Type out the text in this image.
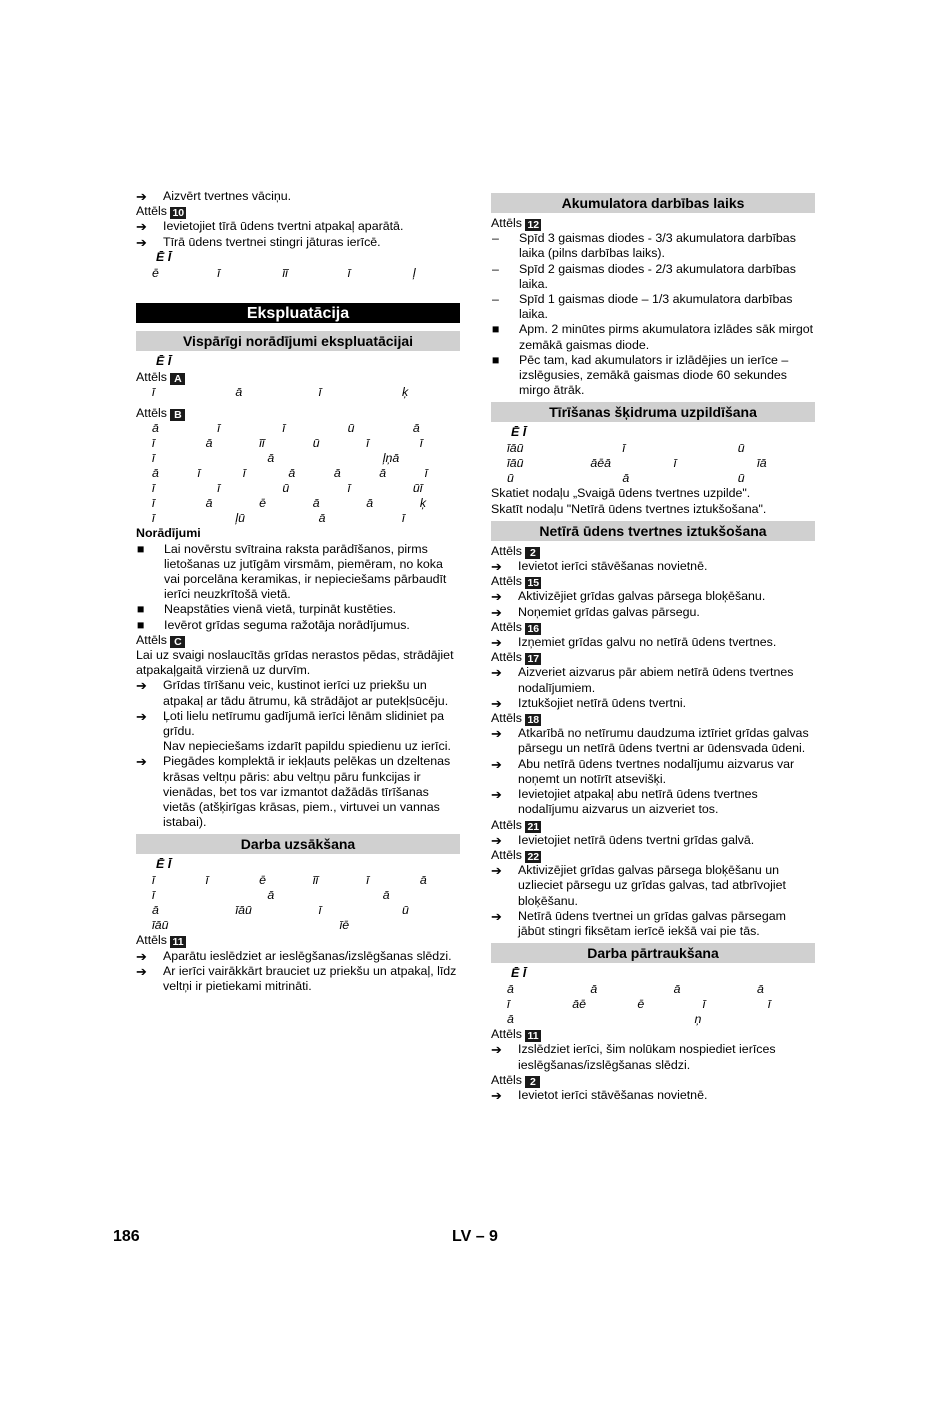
➔	Aizvērt tvertnes vāciņu.
Attēls 10
➔	Ievietojiet tīrā ūdens tvertni atpakaļ aparātā.
➔	Tīrā ūdens tvertnei stingri jāturas ierīcē.
Ē Ī
ē	ī	īī	ī	ļ
Ekspluatācija
Vispārīgi norādījumi ekspluatācijai
Ē Ī
Attēls A
ī	ā	ī	ķ
Attēls B
ā	ī	ī	ū	ā
ī	ā	īī	ū	ī	ī
ī	ā	ļņā
ā	ī	ī	ā	ā	ā	ī
ī	ī	ū	ī	ūī
ī	ā	ē	ā	ā	ķ
ī	ļū	ā	ī
Norādījumi
■	Lai novērstu svītraina raksta parādīšanos, pirms lietošanas uz jutīgām virsmām, piemēram, no koka vai porcelāna keramikas, ir nepieciešams pārbaudīt ierīci neuzkrītošā vietā.
■	Neapstāties vienā vietā, turpināt kustēties.
■	Ievērot grīdas seguma ražotāja norādījumus.
Attēls C
Lai uz svaigi noslaucītās grīdas nerastos pēdas, strādājiet atpakaļgaitā virzienā uz durvīm.
➔	Grīdas tīrīšanu veic, kustinot ierīci uz priekšu un atpakaļ ar tādu ātrumu, kā strādājot ar putekļsūcēju.
➔	Ļoti lielu netīrumu gadījumā ierīci lēnām slidiniet pa grīdu.
Nav nepieciešams izdarīt papildu spiedienu uz ierīci.
➔	Piegādes komplektā ir iekļauts pelēkas un dzeltenas krāsas veltņu pāris: abu veltņu pāru funkcijas ir vienādas, bet tos var izmantot dažādās tīrīšanas vietās (atšķirīgas krāsas, piem., virtuvei un vannas istabai).
Darba uzsākšana
Ē Ī
ī	ī	ē	īī	ī	ā
ī	ā	ā
ā	īāū	ī	ū
īāū	īē
Attēls 11
➔	Aparātu ieslēdziet ar ieslēgšanas/izslēgšanas slēdzi.
➔	Ar ierīci vairākkārt brauciet uz priekšu un atpakaļ, līdz veltņi ir pietiekami mitrināti.
Akumulatora darbības laiks
Attēls 12
–	Spīd 3 gaismas diodes - 3/3 akumulatora darbības laika (pilns darbības laiks).
–	Spīd 2 gaismas diodes - 2/3 akumulatora darbības laika.
–	Spīd 1 gaismas diode – 1/3 akumulatora darbības laika.
■	Apm. 2 minūtes pirms akumulatora izlādes sāk mirgot zemākā gaismas diode.
■	Pēc tam, kad akumulators ir izlādējies un ierīce – izslēgusies, zemākā gaismas diode 60 sekundes mirgo ātrāk.
Tīrīšanas šķidruma uzpildīšana
Ē Ī
īāū	ī	ū
īāū	āēā	ī	īā
ū	ā	ū
Skatiet nodaļu „Svaigā ūdens tvertnes uzpilde".
Skatīt nodaļu "Netīrā ūdens tvertnes iztukšošana".
Netīrā ūdens tvertnes iztukšošana
Attēls 2
➔	Ievietot ierīci stāvēšanas novietnē.
Attēls 15
➔	Aktivizējiet grīdas galvas pārsega bloķēšanu.
➔	Noņemiet grīdas galvas pārsegu.
Attēls 16
➔	Izņemiet grīdas galvu no netīrā ūdens tvertnes.
Attēls 17
➔	Aizveriet aizvarus pār abiem netīrā ūdens tvertnes nodalījumiem.
➔	Iztukšojiet netīrā ūdens tvertni.
Attēls 18
➔	Atkarībā no netīrumu daudzuma iztīriet grīdas galvas pārsegu un netīrā ūdens tvertni ar ūdensvada ūdeni.
➔	Abu netīrā ūdens tvertnes nodalījumu aizvarus var noņemt un notīrīt atsevišķi.
➔	Ievietojiet atpakaļ abu netīrā ūdens tvertnes nodalījumu aizvarus un aizveriet tos.
Attēls 21
➔	Ievietojiet netīrā ūdens tvertni grīdas galvā.
Attēls 22
➔	Aktivizējiet grīdas galvas pārsega bloķēšanu un uzlieciet pārsegu uz grīdas galvas, tad atbrīvojiet bloķēšanu.
➔	Netīrā ūdens tvertnei un grīdas galvas pārsegam jābūt stingri fiksētam ierīcē iekšā vai pie tās.
Darba pārtraukšana
Ē Ī
ā	ā	ā	ā
ī	āē	ē	ī	ī
ā	ņ
Attēls 11
➔	Izslēdziet ierīci, šim nolūkam nospiediet ierīces ieslēgšanas/izslēgšanas slēdzi.
Attēls 2
➔	Ievietot ierīci stāvēšanas novietnē.
186	LV – 9
